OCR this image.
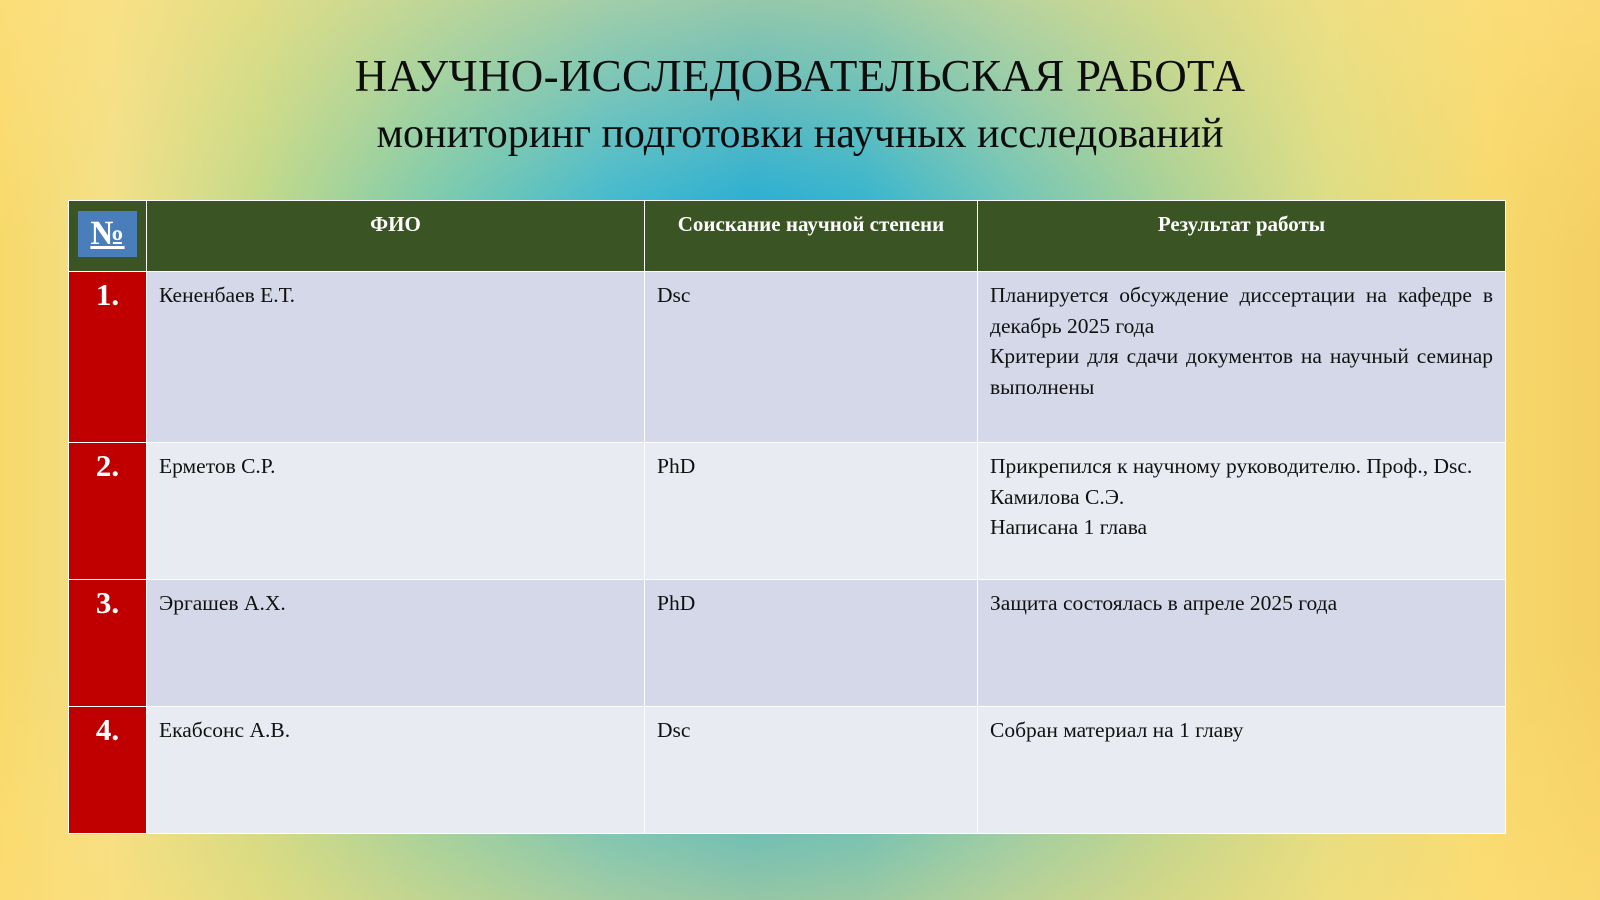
НАУЧНО-ИССЛЕДОВАТЕЛЬСКАЯ РАБОТА
мониторинг подготовки научных исследований
№	ФИО	Соискание научной степени	Результат работы
1.	Кененбаев Е.Т.	Dsc	Планируется обсуждение диссертации на кафедре в декабрь 2025 года

Критерии для сдачи документов на научный семинар выполнены

2.	Ерметов С.Р.	PhD	Прикрепился к научному руководителю. Проф., Dsc. Камилова С.Э.

Написана 1 глава

3.	Эргашев А.Х.	PhD	Защита состоялась в апреле 2025 года

4.	Екабсонс А.В.	Dsc	Собран материал на 1 главу
